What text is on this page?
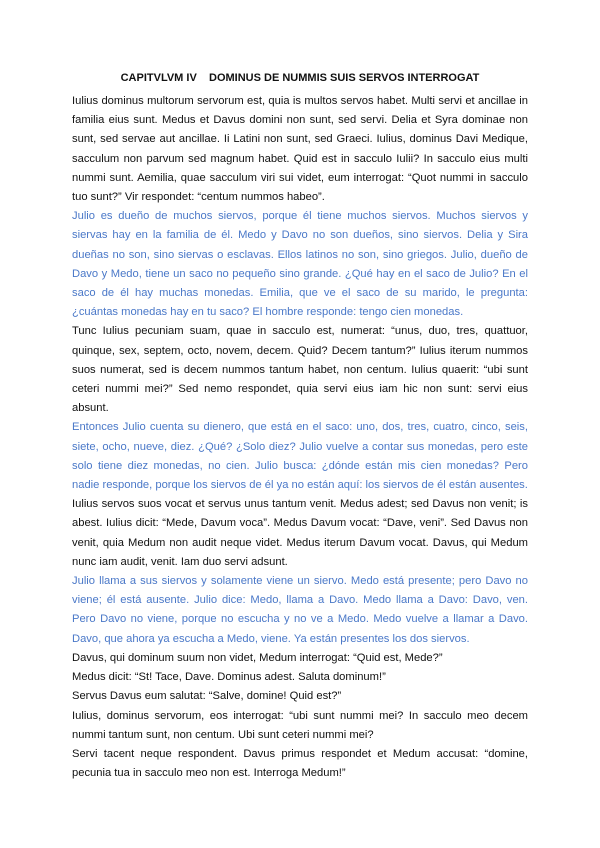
CAPITVLVM IV    DOMINUS DE NUMMIS SUIS SERVOS INTERROGAT

Iulius dominus multorum servorum est, quia is multos servos habet. Multi servi et ancillae in familia eius sunt. Medus et Davus domini non sunt, sed servi. Delia et Syra dominae non sunt, sed servae aut ancillae. Ii Latini non sunt, sed Graeci. Iulius, dominus Davi Medique, sacculum non parvum sed magnum habet. Quid est in sacculo Iulii? In sacculo eius multi nummi sunt. Aemilia, quae sacculum viri sui videt, eum interrogat: “Quot nummi in sacculo tuo sunt?” Vir respondet: “centum nummos habeo”.

Julio es dueño de muchos siervos, porque él tiene muchos siervos. Muchos siervos y siervas hay en la familia de él. Medo y Davo no son dueños, sino siervos. Delia y Sira dueñas no son, sino siervas o esclavas. Ellos latinos no son, sino griegos. Julio, dueño de Davo y Medo, tiene un saco no pequeño sino grande. ¿Qué hay en el saco de Julio? En el saco de él hay muchas monedas. Emilia, que ve el saco de su marido, le pregunta: ¿cuántas monedas hay en tu saco? El hombre responde: tengo cien monedas.

Tunc Iulius pecuniam suam, quae in sacculo est, numerat: “unus, duo, tres, quattuor, quinque, sex, septem, octo, novem, decem. Quid? Decem tantum?” Iulius iterum nummos suos numerat, sed is decem nummos tantum habet, non centum. Iulius quaerit: “ubi sunt ceteri nummi mei?” Sed nemo respondet, quia servi eius iam hic non sunt: servi eius absunt.

Entonces Julio cuenta su dienero, que está en el saco: uno, dos, tres, cuatro, cinco, seis, siete, ocho, nueve, diez. ¿Qué? ¿Solo diez? Julio vuelve a contar sus monedas, pero este solo tiene diez monedas, no cien. Julio busca: ¿dónde están mis cien monedas? Pero nadie responde, porque los siervos de él ya no están aquí: los siervos de él están ausentes.

Iulius servos suos vocat et servus unus tantum venit. Medus adest; sed Davus non venit; is abest. Iulius dicit: “Mede, Davum voca”. Medus Davum vocat: “Dave, veni”. Sed Davus non venit, quia Medum non audit neque videt. Medus iterum Davum vocat. Davus, qui Medum nunc iam audit, venit. Iam duo servi adsunt.

Julio llama a sus siervos y solamente viene un siervo. Medo está presente; pero Davo no viene; él está ausente. Julio dice: Medo, llama a Davo. Medo llama a Davo: Davo, ven. Pero Davo no viene, porque no escucha y no ve a Medo. Medo vuelve a llamar a Davo. Davo, que ahora ya escucha a Medo, viene. Ya están presentes los dos siervos.

Davus, qui dominum suum non videt, Medum interrogat: “Quid est, Mede?”

Medus dicit: “St! Tace, Dave. Dominus adest. Saluta dominum!”

Servus Davus eum salutat: “Salve, domine! Quid est?”

Iulius, dominus servorum, eos interrogat: “ubi sunt nummi mei? In sacculo meo decem nummi tantum sunt, non centum. Ubi sunt ceteri nummi mei?

Servi tacent neque respondent. Davus primus respondet et Medum accusat: “domine, pecunia tua in sacculo meo non est. Interroga Medum!”
